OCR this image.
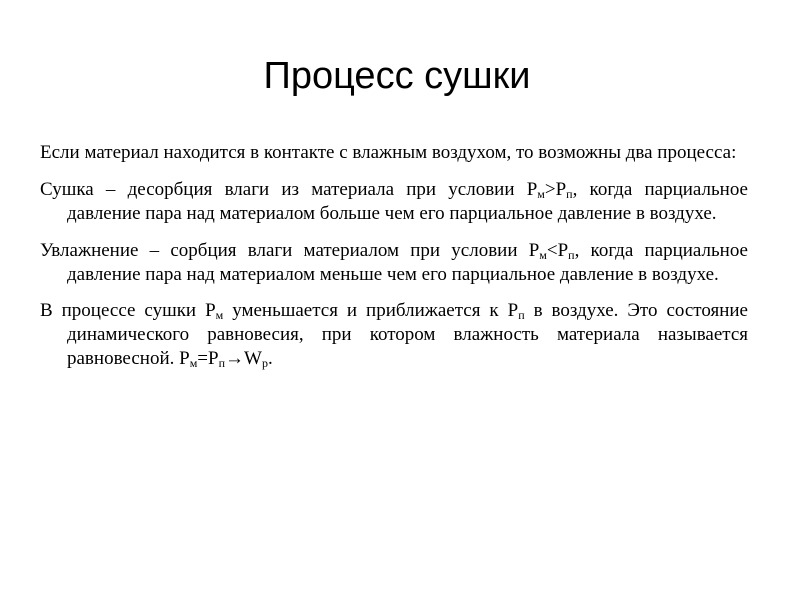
Процесс сушки

Если материал находится в контакте с влажным воздухом, то возможны два процесса:

Сушка – десорбция влаги из материала при условии $Р_м>Р_п$, когда парциальное давление пара над материалом больше чем его парциальное давление в воздухе.

Увлажнение – сорбция влаги материалом при условии $Р_м<Р_п$, когда парциальное давление пара над материалом меньше чем его парциальное давление в воздухе.

В процессе сушки $Р_м$ уменьшается и приближается к $Р_п$ в воздухе. Это состояние динамического равновесия, при котором влажность материала называется равновесной. $Р_м=Р_п\to W_р$.
